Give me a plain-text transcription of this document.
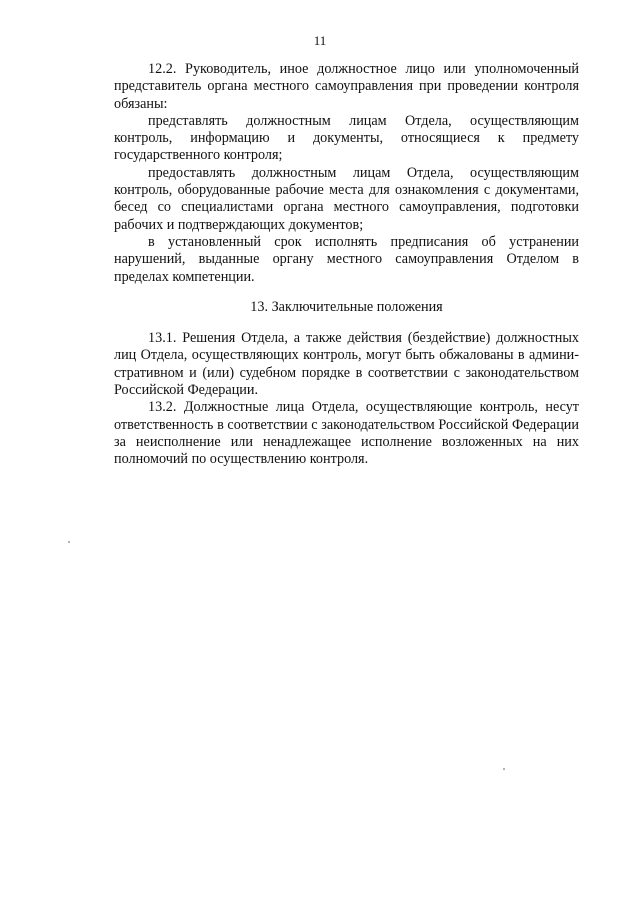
11

12.2. Руководитель, иное должностное лицо или уполномоченный представитель органа местного самоуправления при проведении контроля обязаны:

представлять должностным лицам Отдела, осуществляющим контроль, информацию и документы, относящиеся к предмету государственного контроля;

предоставлять должностным лицам Отдела, осуществляющим контроль, оборудованные рабочие места для ознакомления с документами, бесед со специалистами органа местного самоуправления, подготовки рабочих и подтверждающих документов;

в установленный срок исполнять предписания об устранении нарушений, выданные органу местного самоуправления Отделом в пределах компетенции.

13. Заключительные положения

13.1. Решения Отдела, а также действия (бездействие) должностных лиц Отдела, осуществляющих контроль, могут быть обжалованы в административном и (или) судебном порядке в соответствии с законодательством Российской Федерации.

13.2. Должностные лица Отдела, осуществляющие контроль, несут ответственность в соответствии с законодательством Российской Федерации за неисполнение или ненадлежащее исполнение возложенных на них полномочий по осуществлению контроля.
